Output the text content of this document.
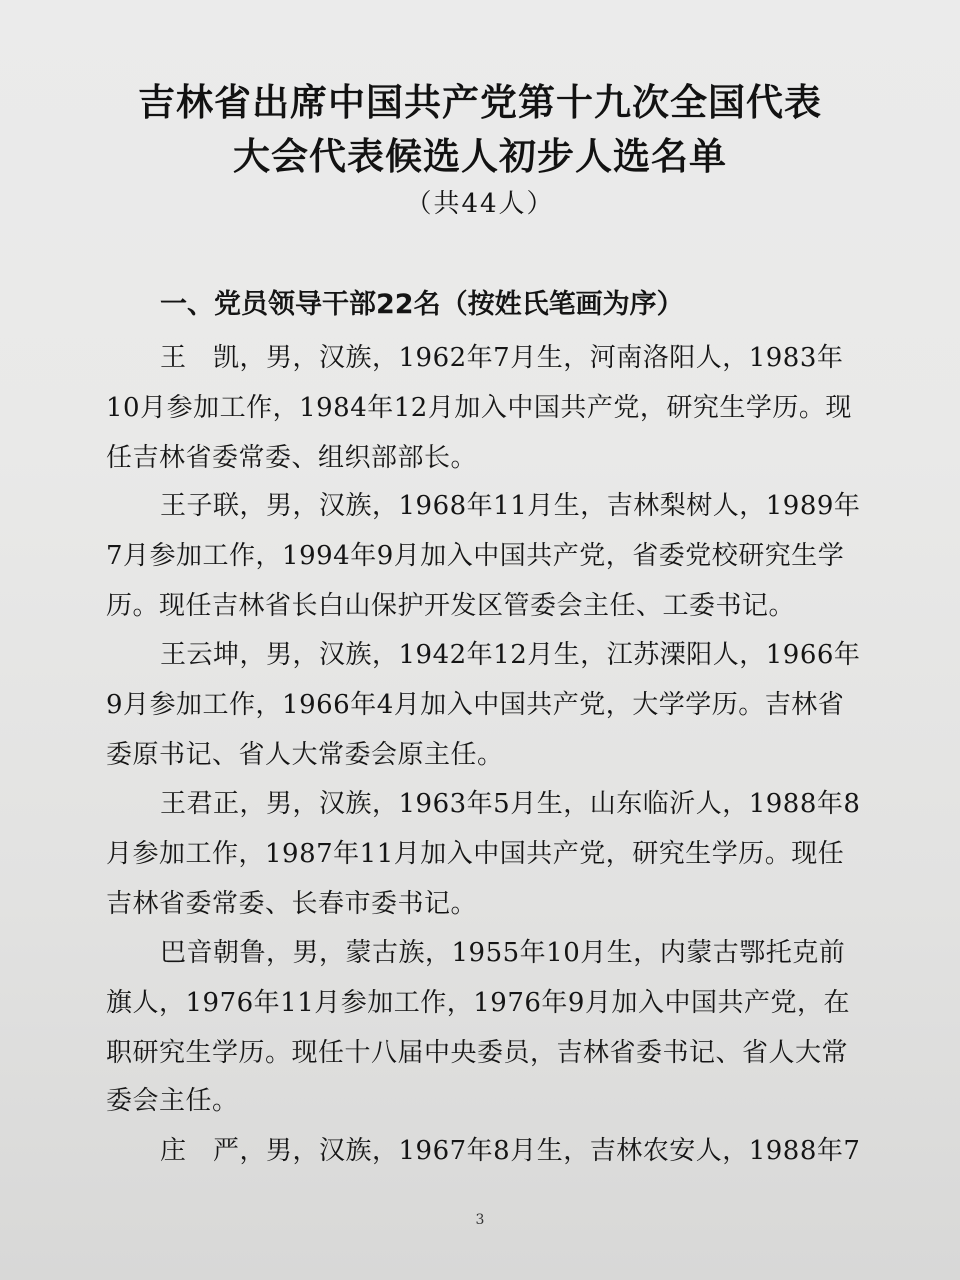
吉林省出席中国共产党第十九次全国代表
大会代表候选人初步人选名单
（共44人）
一、党员领导干部22名（按姓氏笔画为序）
王　凯，男，汉族，1962年7月生，河南洛阳人，1983年
10月参加工作，1984年12月加入中国共产党，研究生学历。现
任吉林省委常委、组织部部长。
王子联，男，汉族，1968年11月生，吉林梨树人，1989年
7月参加工作，1994年9月加入中国共产党，省委党校研究生学
历。现任吉林省长白山保护开发区管委会主任、工委书记。
王云坤，男，汉族，1942年12月生，江苏溧阳人，1966年
9月参加工作，1966年4月加入中国共产党，大学学历。吉林省
委原书记、省人大常委会原主任。
王君正，男，汉族，1963年5月生，山东临沂人，1988年8
月参加工作，1987年11月加入中国共产党，研究生学历。现任
吉林省委常委、长春市委书记。
巴音朝鲁，男，蒙古族，1955年10月生，内蒙古鄂托克前
旗人，1976年11月参加工作，1976年9月加入中国共产党，在
职研究生学历。现任十八届中央委员，吉林省委书记、省人大常
委会主任。
庄　严，男，汉族，1967年8月生，吉林农安人，1988年7
3
